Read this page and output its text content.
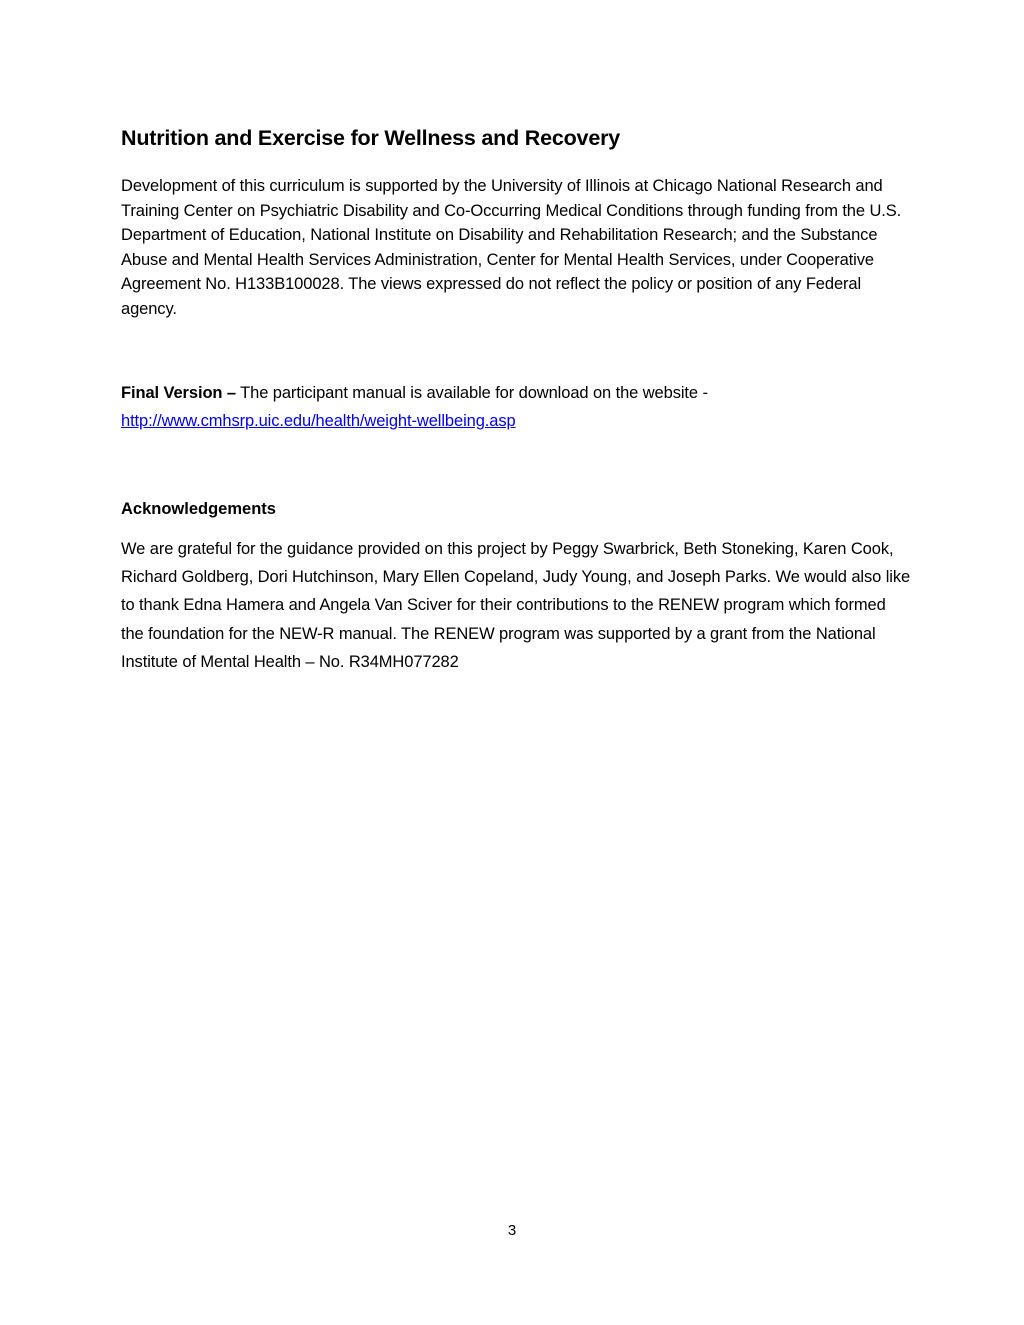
Nutrition and Exercise for Wellness and Recovery

Development of this curriculum is supported by the University of Illinois at Chicago National Research and Training Center on Psychiatric Disability and Co-Occurring Medical Conditions through funding from the U.S. Department of Education, National Institute on Disability and Rehabilitation Research; and the Substance Abuse and Mental Health Services Administration, Center for Mental Health Services, under Cooperative Agreement No. H133B100028. The views expressed do not reflect the policy or position of any Federal agency.

Final Version – The participant manual is available for download on the website -
http://www.cmhsrp.uic.edu/health/weight-wellbeing.asp

Acknowledgements

We are grateful for the guidance provided on this project by Peggy Swarbrick, Beth Stoneking, Karen Cook, Richard Goldberg, Dori Hutchinson, Mary Ellen Copeland, Judy Young, and Joseph Parks. We would also like to thank Edna Hamera and Angela Van Sciver for their contributions to the RENEW program which formed the foundation for the NEW-R manual. The RENEW program was supported by a grant from the National Institute of Mental Health – No. R34MH077282

3
